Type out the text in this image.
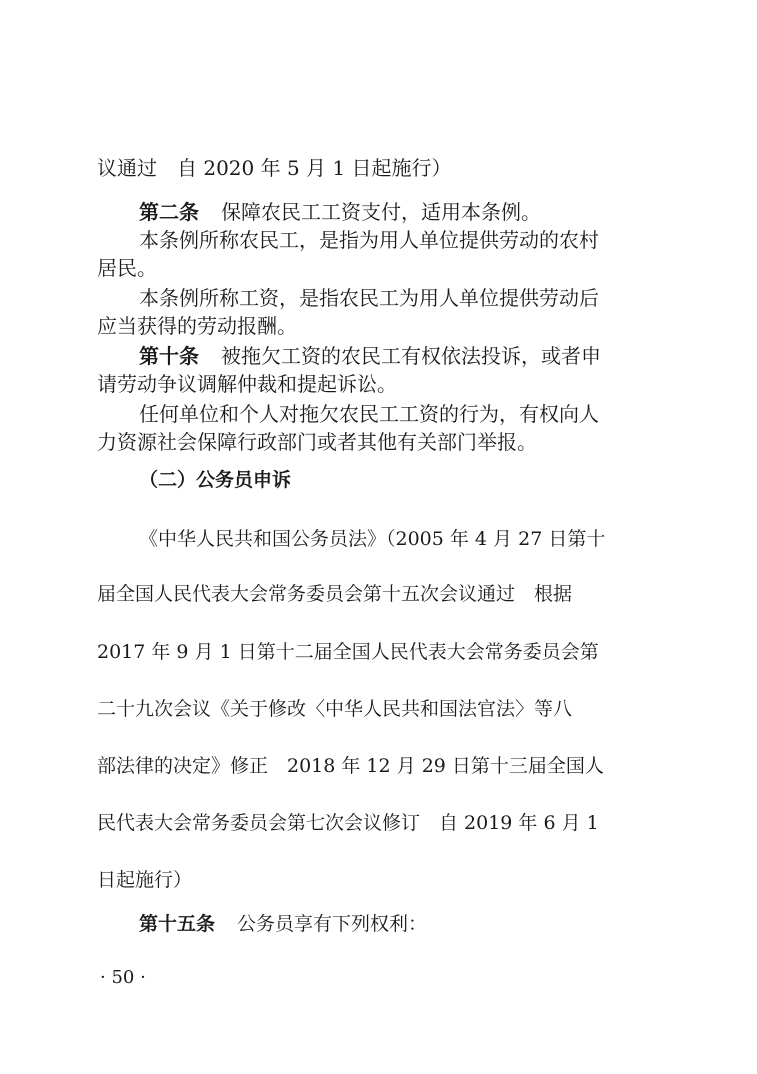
议通过　自 2020 年 5 月 1 日起施行）
第二条 保障农民工工资支付，适用本条例。
本条例所称农民工，是指为用人单位提供劳动的农村
居民。
本条例所称工资，是指农民工为用人单位提供劳动后
应当获得的劳动报酬。
第十条 被拖欠工资的农民工有权依法投诉，或者申
请劳动争议调解仲裁和提起诉讼。
任何单位和个人对拖欠农民工工资的行为，有权向人
力资源社会保障行政部门或者其他有关部门举报。
（二）公务员申诉
《中华人民共和国公务员法》（2005 年 4 月 27 日第十
届全国人民代表大会常务委员会第十五次会议通过　根据
2017 年 9 月 1 日第十二届全国人民代表大会常务委员会第
二十九次会议《关于修改〈中华人民共和国法官法〉等八
部法律的决定》修正　2018 年 12 月 29 日第十三届全国人
民代表大会常务委员会第七次会议修订　自 2019 年 6 月 1
日起施行）
第十五条 公务员享有下列权利：
· 50 ·
